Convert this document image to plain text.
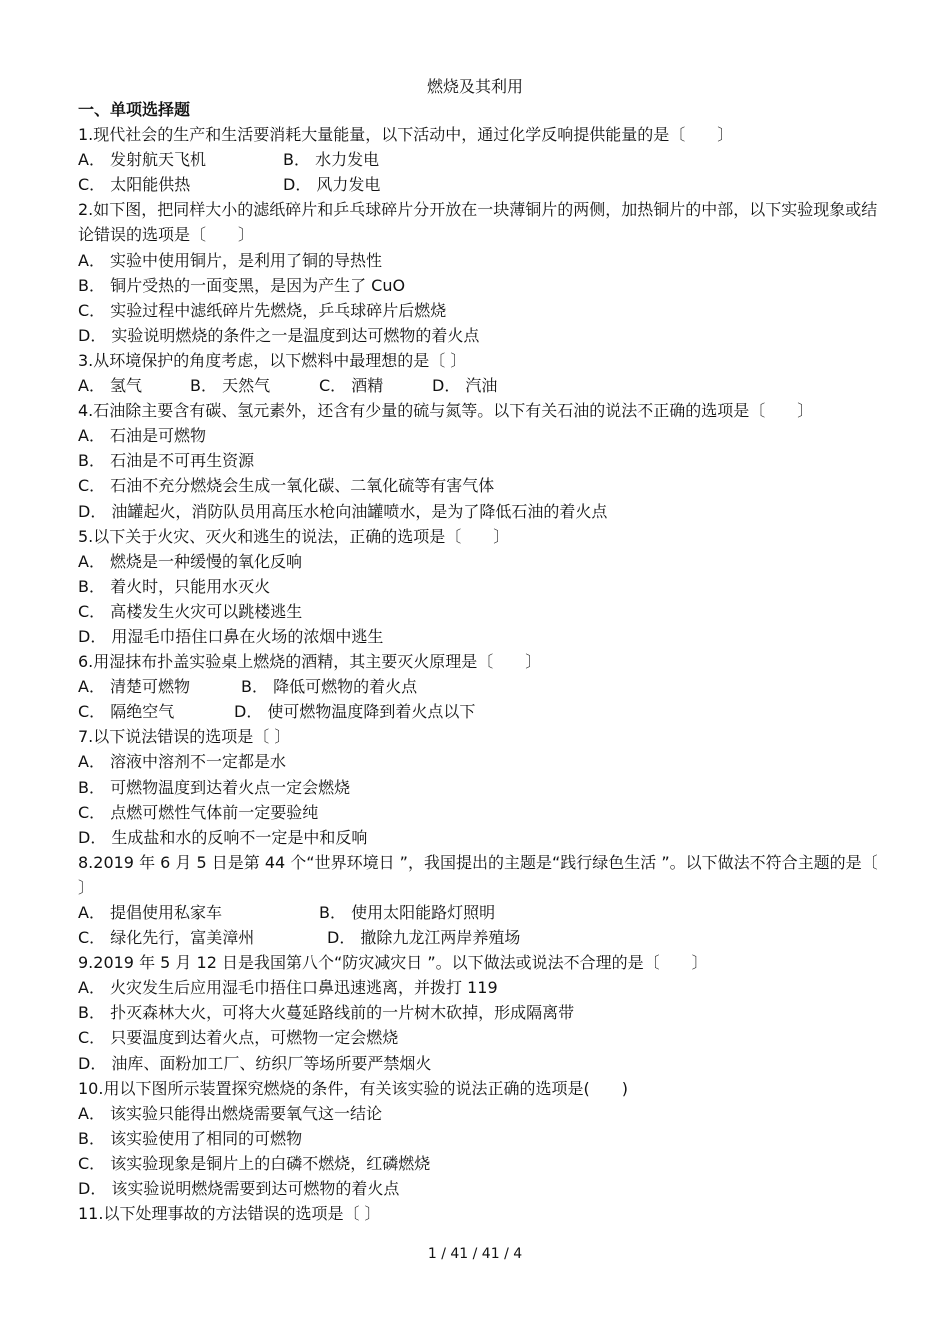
燃烧及其利用
一、单项选择题
1.现代社会的生产和生活要消耗大量能量，以下活动中，通过化学反响提供能量的是〔　　〕
A． 发射航天飞机	B． 水力发电
C． 太阳能供热	D． 风力发电
2.如下图，把同样大小的滤纸碎片和乒乓球碎片分开放在一块薄铜片的两侧，加热铜片的中部，以下实验现象或结论错误的选项是〔　　〕
A． 实验中使用铜片，是利用了铜的导热性
B． 铜片受热的一面变黑，是因为产生了 CuO
C． 实验过程中滤纸碎片先燃烧，乒乓球碎片后燃烧
D． 实验说明燃烧的条件之一是温度到达可燃物的着火点
3.从环境保护的角度考虑，以下燃料中最理想的是〔 〕
A． 氢气	B． 天然气	C． 酒精	D． 汽油
4.石油除主要含有碳、氢元素外，还含有少量的硫与氮等。以下有关石油的说法不正确的选项是〔　　〕
A． 石油是可燃物
B． 石油是不可再生资源
C． 石油不充分燃烧会生成一氧化碳、二氧化硫等有害气体
D． 油罐起火，消防队员用高压水枪向油罐喷水，是为了降低石油的着火点
5.以下关于火灾、灭火和逃生的说法，正确的选项是〔　　〕
A． 燃烧是一种缓慢的氧化反响
B． 着火时，只能用水灭火
C． 高楼发生火灾可以跳楼逃生
D． 用湿毛巾捂住口鼻在火场的浓烟中逃生
6.用湿抹布扑盖实验桌上燃烧的酒精，其主要灭火原理是〔　　〕
A． 清楚可燃物	B． 降低可燃物的着火点
C． 隔绝空气	D． 使可燃物温度降到着火点以下
7.以下说法错误的选项是〔 〕
A． 溶液中溶剂不一定都是水
B． 可燃物温度到达着火点一定会燃烧
C． 点燃可燃性气体前一定要验纯
D． 生成盐和水的反响不一定是中和反响
8.2019 年 6 月 5 日是第 44 个“世界环境日 ”，我国提出的主题是“践行绿色生活 ”。以下做法不符合主题的是〔 〕
A． 提倡使用私家车	B． 使用太阳能路灯照明
C． 绿化先行，富美漳州	D． 撤除九龙江两岸养殖场
9.2019 年 5 月 12 日是我国第八个“防灾减灾日 ”。以下做法或说法不合理的是〔　　〕
A． 火灾发生后应用湿毛巾捂住口鼻迅速逃离，并拨打 119
B． 扑灭森林大火，可将大火蔓延路线前的一片树木砍掉，形成隔离带
C． 只要温度到达着火点，可燃物一定会燃烧
D． 油库、面粉加工厂、纺织厂等场所要严禁烟火
10.用以下图所示装置探究燃烧的条件，有关该实验的说法正确的选项是(　　)
A． 该实验只能得出燃烧需要氧气这一结论
B． 该实验使用了相同的可燃物
C． 该实验现象是铜片上的白磷不燃烧，红磷燃烧
D． 该实验说明燃烧需要到达可燃物的着火点
11.以下处理事故的方法错误的选项是〔 〕
1 / 41 / 41 / 4
